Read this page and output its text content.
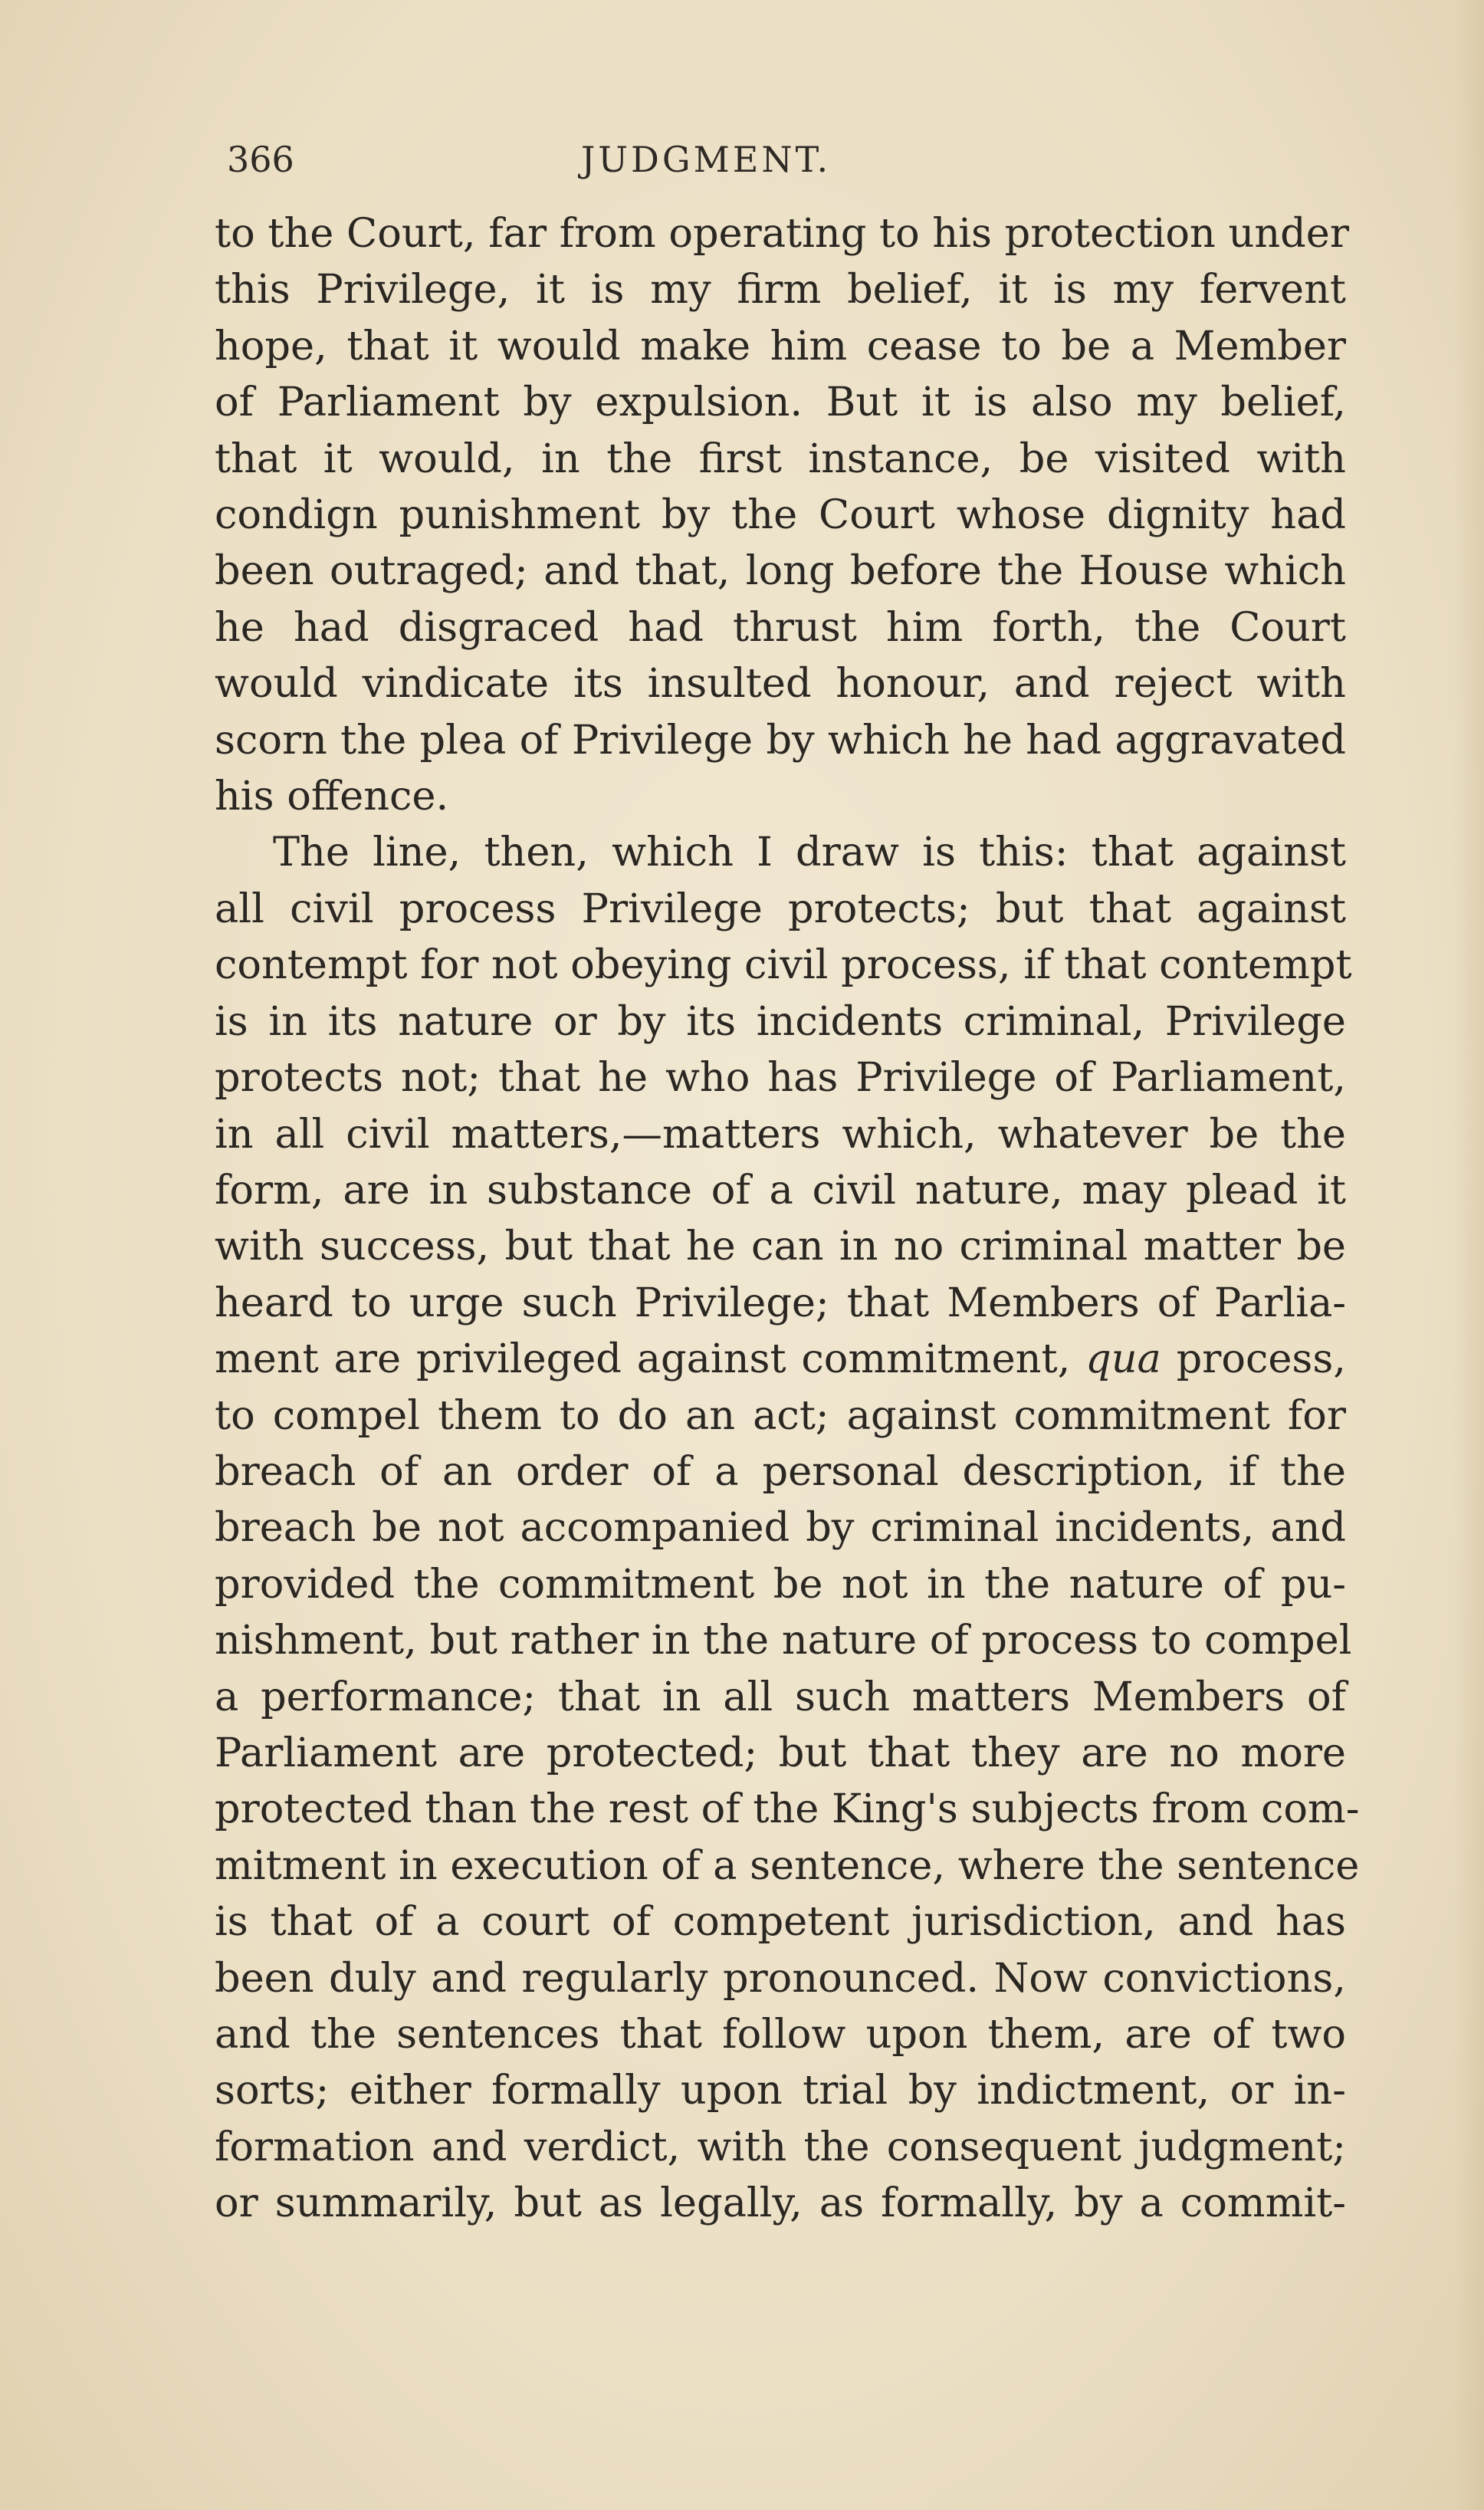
366	JUDGMENT.

to the Court, far from operating to his protection under
this Privilege, it is my firm belief, it is my fervent
hope, that it would make him cease to be a Member
of Parliament by expulsion. But it is also my belief,
that it would, in the first instance, be visited with
condign punishment by the Court whose dignity had
been outraged; and that, long before the House which
he had disgraced had thrust him forth, the Court
would vindicate its insulted honour, and reject with
scorn the plea of Privilege by which he had aggravated
his offence.

The line, then, which I draw is this: that against
all civil process Privilege protects; but that against
contempt for not obeying civil process, if that contempt
is in its nature or by its incidents criminal, Privilege
protects not; that he who has Privilege of Parliament,
in all civil matters,—matters which, whatever be the
form, are in substance of a civil nature, may plead it
with success, but that he can in no criminal matter be
heard to urge such Privilege; that Members of Parlia-
ment are privileged against commitment, qua process,
to compel them to do an act; against commitment for
breach of an order of a personal description, if the
breach be not accompanied by criminal incidents, and
provided the commitment be not in the nature of pu-
nishment, but rather in the nature of process to compel
a performance; that in all such matters Members of
Parliament are protected; but that they are no more
protected than the rest of the King's subjects from com-
mitment in execution of a sentence, where the sentence
is that of a court of competent jurisdiction, and has
been duly and regularly pronounced. Now convictions,
and the sentences that follow upon them, are of two
sorts; either formally upon trial by indictment, or in-
formation and verdict, with the consequent judgment;
or summarily, but as legally, as formally, by a commit-
